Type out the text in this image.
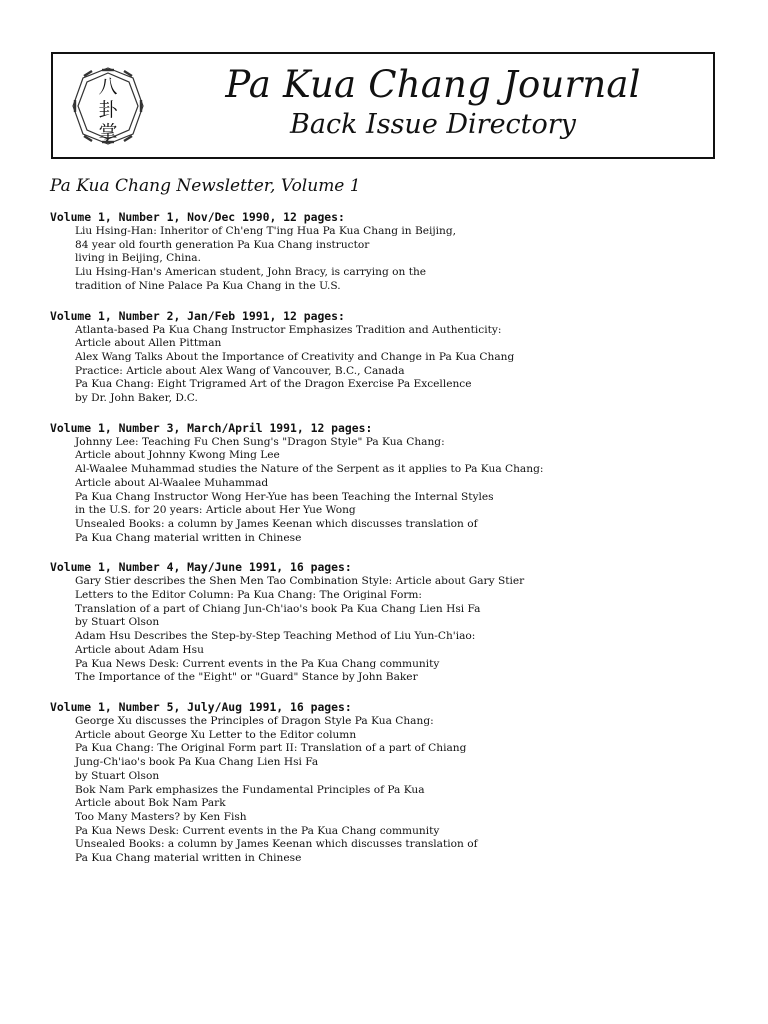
八
卦
掌
Pa Kua Chang Journal
Back Issue Directory
Pa Kua Chang Newsletter, Volume 1
Volume 1, Number 1, Nov/Dec 1990, 12 pages:
Liu Hsing-Han: Inheritor of Ch'eng T'ing Hua Pa Kua Chang in Beijing,
84 year old fourth generation Pa Kua Chang instructor
living in Beijing, China.
Liu Hsing-Han's American student, John Bracy, is carrying on the
tradition of Nine Palace Pa Kua Chang in the U.S.
Volume 1, Number 2, Jan/Feb 1991, 12 pages:
Atlanta-based Pa Kua Chang Instructor Emphasizes Tradition and Authenticity:
Article about Allen Pittman
Alex Wang Talks About the Importance of Creativity and Change in Pa Kua Chang
Practice: Article about Alex Wang of Vancouver, B.C., Canada
Pa Kua Chang: Eight Trigramed Art of the Dragon Exercise Pa Excellence
by Dr. John Baker, D.C.
Volume 1, Number 3, March/April 1991, 12 pages:
Johnny Lee: Teaching Fu Chen Sung's "Dragon Style" Pa Kua Chang:
Article about Johnny Kwong Ming Lee
Al-Waalee Muhammad studies the Nature of the Serpent as it applies to Pa Kua Chang:
Article about Al-Waalee Muhammad
Pa Kua Chang Instructor Wong Her-Yue has been Teaching the Internal Styles
in the U.S. for 20 years: Article about Her Yue Wong
Unsealed Books: a column by James Keenan which discusses translation of
Pa Kua Chang material written in Chinese
Volume 1, Number 4, May/June 1991, 16 pages:
Gary Stier describes the Shen Men Tao Combination Style: Article about Gary Stier
Letters to the Editor Column: Pa Kua Chang: The Original Form:
Translation of a part of Chiang Jun-Ch'iao's book Pa Kua Chang Lien Hsi Fa
by Stuart Olson
Adam Hsu Describes the Step-by-Step Teaching Method of Liu Yun-Ch'iao:
Article about Adam Hsu
Pa Kua News Desk: Current events in the Pa Kua Chang community
The Importance of the "Eight" or "Guard" Stance by John Baker
Volume 1, Number 5, July/Aug 1991, 16 pages:
George Xu discusses the Principles of Dragon Style Pa Kua Chang:
Article about George Xu Letter to the Editor column
Pa Kua Chang: The Original Form part II: Translation of a part of Chiang
Jung-Ch'iao's book Pa Kua Chang Lien Hsi Fa
by Stuart Olson
Bok Nam Park emphasizes the Fundamental Principles of Pa Kua
Article about Bok Nam Park
Too Many Masters? by Ken Fish
Pa Kua News Desk: Current events in the Pa Kua Chang community
Unsealed Books: a column by James Keenan which discusses translation of
Pa Kua Chang material written in Chinese
